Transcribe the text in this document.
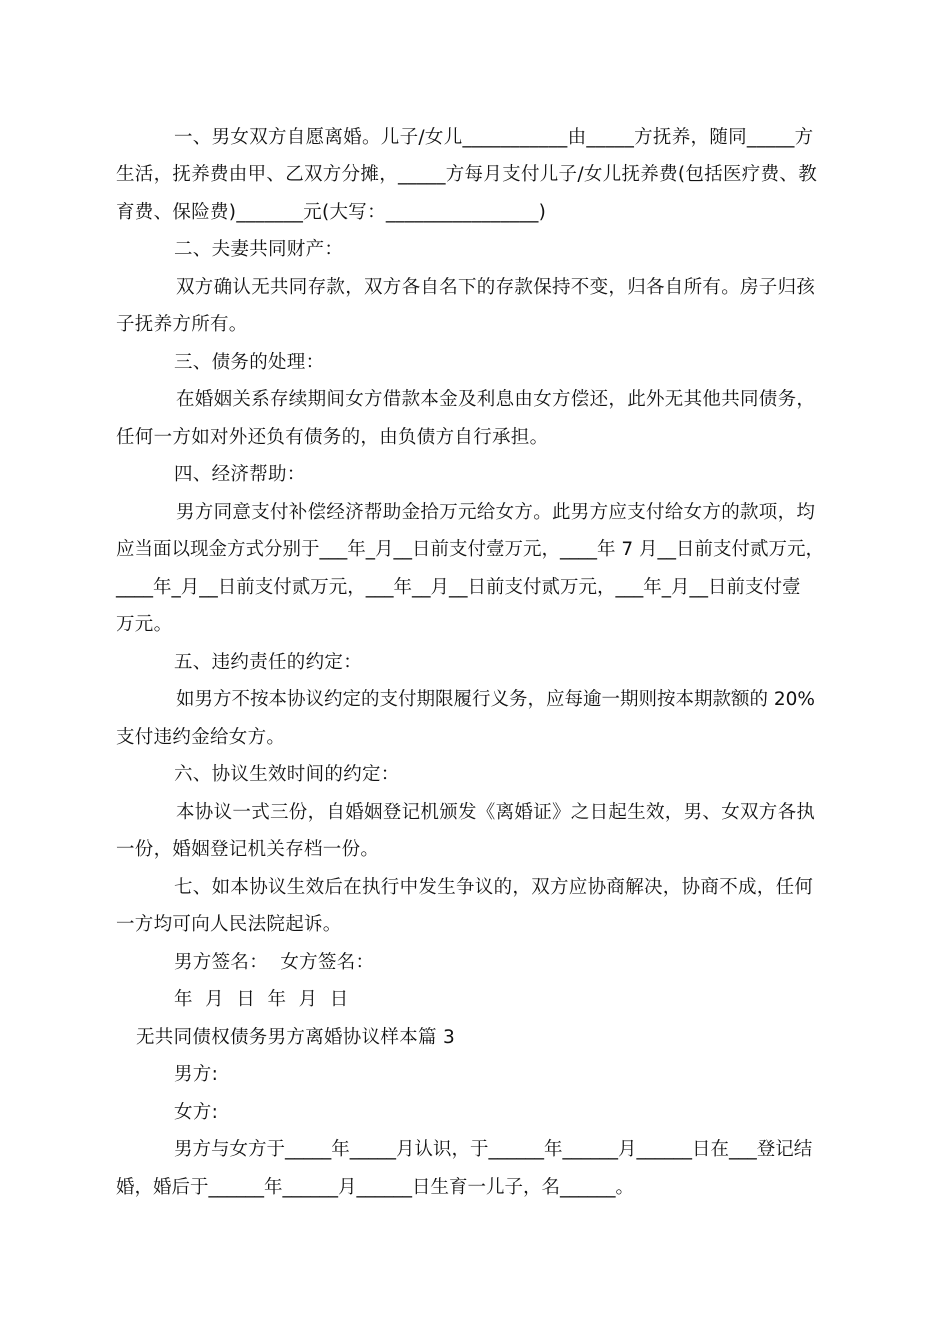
一、男女双方自愿离婚。儿子/女儿___________由_____方抚养，随同_____方
生活，抚养费由甲、乙双方分摊，_____方每月支付儿子/女儿抚养费(包括医疗费、教
育费、保险费)_______元(大写：________________)
二、夫妻共同财产：
双方确认无共同存款，双方各自名下的存款保持不变，归各自所有。房子归孩
子抚养方所有。
三、债务的处理：
在婚姻关系存续期间女方借款本金及利息由女方偿还，此外无其他共同债务，
任何一方如对外还负有债务的，由负债方自行承担。
四、经济帮助：
男方同意支付补偿经济帮助金拾万元给女方。此男方应支付给女方的款项，均
应当面以现金方式分别于___年_月__日前支付壹万元，____年 7 月__日前支付贰万元，
____年_月__日前支付贰万元，___年__月__日前支付贰万元，___年_月__日前支付壹
万元。
五、违约责任的约定：
如男方不按本协议约定的支付期限履行义务，应每逾一期则按本期款额的 20%
支付违约金给女方。
六、协议生效时间的约定：
本协议一式三份，自婚姻登记机颁发《离婚证》之日起生效，男、女双方各执
一份，婚姻登记机关存档一份。
七、如本协议生效后在执行中发生争议的，双方应协商解决，协商不成，任何
一方均可向人民法院起诉。
男方签名：  女方签名：
年  月  日  年  月  日
无共同债权债务男方离婚协议样本篇 3
男方:
女方:
男方与女方于_____年_____月认识，于______年______月______日在___登记结
婚，婚后于______年______月______日生育一儿子，名______。
